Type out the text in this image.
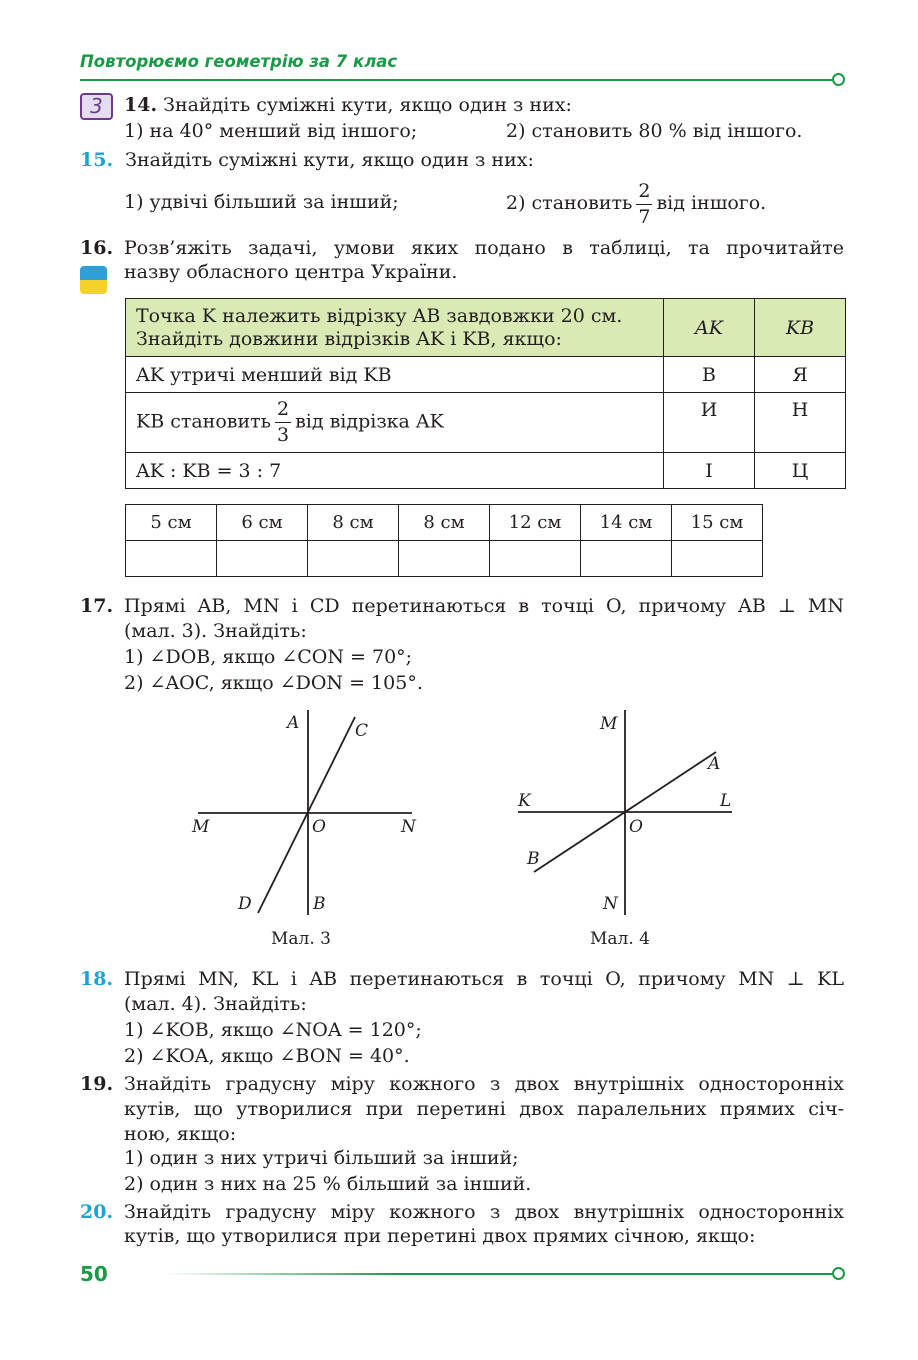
Повторюємо геометрію за 7 клас
3	14. Знайдіть суміжні кути, якщо один з них:
1) на 40° менший від іншого;	2) становить 80 % від іншого.
15. Знайдіть суміжні кути, якщо один з них:
1) удвічі більший за інший;	2) становить $\frac{2}{7}$ від іншого.
16. Розв’яжіть задачі, умови яких подано в таблиці, та прочитайте
назву обласного центра України.
Точка K належить відрізку AB завдовжки 20 см.
Знайдіть довжини відрізків AK і KB, якщо:	AK	KB
AK утричі менший від KB	В	Я
KB становить $\frac{2}{3}$ від відрізка AK	И	Н
AK : KB = 3 : 7	І	Ц
5 см	6 см	8 см	8 см	12 см	14 см	15 см

17. Прямі AB, MN і CD перетинаються в точці O, причому AB ⊥ MN
(мал. 3). Знайдіть:
1) ∠DOB, якщо ∠CON = 70°;
2) ∠AOC, якщо ∠DON = 105°.
A	C
M	O	N
D	B
Мал. 3
M
A
K	L
O
B
N
Мал. 4
18. Прямі MN, KL і AB перетинаються в точці O, причому MN ⊥ KL
(мал. 4). Знайдіть:
1) ∠KOB, якщо ∠NOA = 120°;
2) ∠KOA, якщо ∠BON = 40°.
19. Знайдіть градусну міру кожного з двох внутрішніх односторонніх
кутів, що утворилися при перетині двох паралельних прямих січ-
ною, якщо:
1) один з них утричі більший за інший;
2) один з них на 25 % більший за інший.
20. Знайдіть градусну міру кожного з двох внутрішніх односторонніх
кутів, що утворилися при перетині двох прямих січною, якщо:
50
